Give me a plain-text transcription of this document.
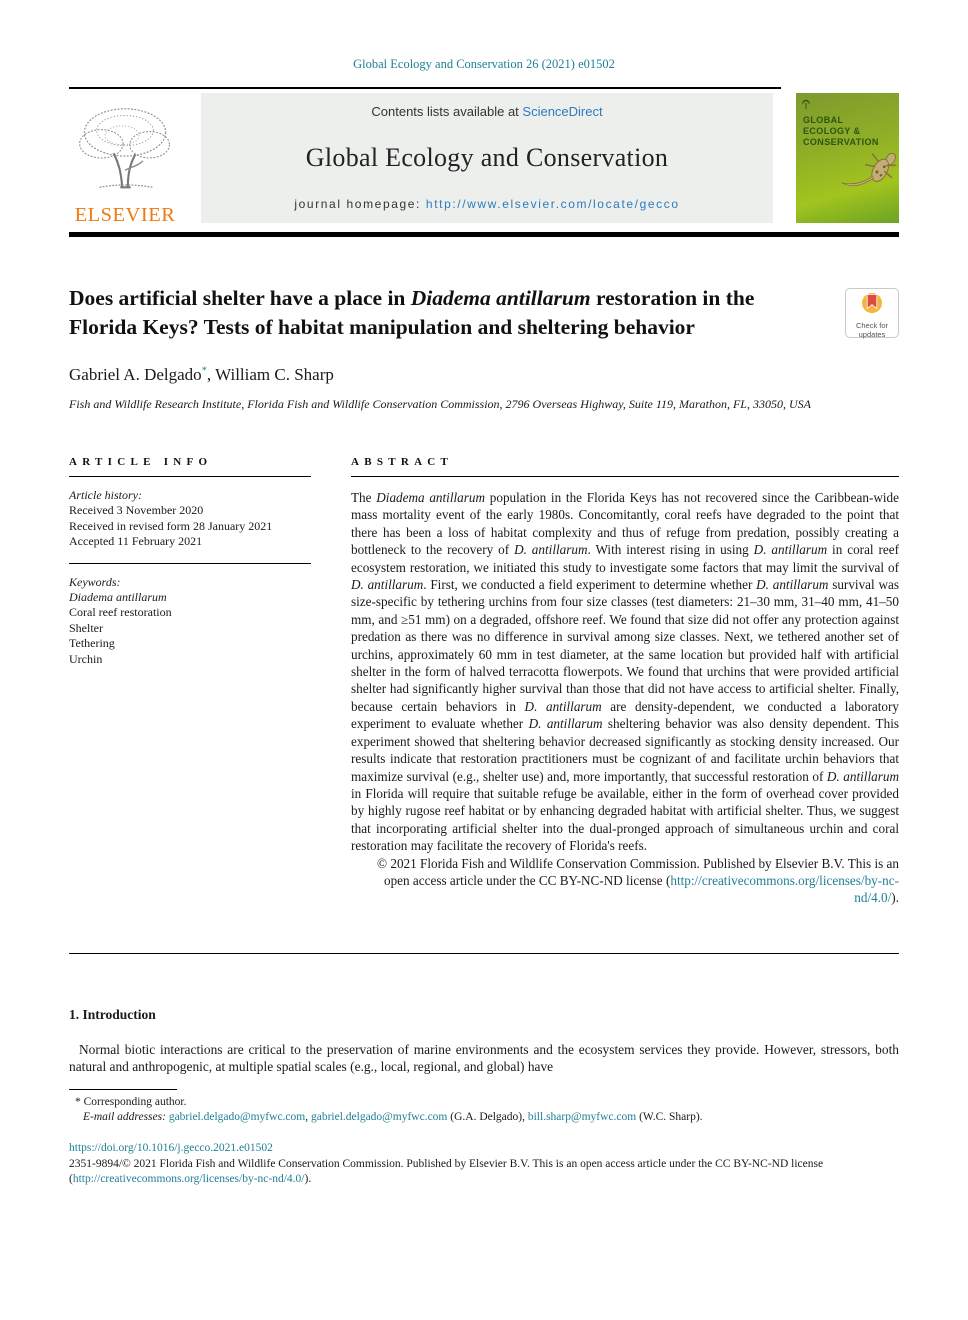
Global Ecology and Conservation 26 (2021) e01502
ELSEVIER
Contents lists available at ScienceDirect
Global Ecology and Conservation
journal homepage: http://www.elsevier.com/locate/gecco
GLOBAL
ECOLOGY &
CONSERVATION
Does artificial shelter have a place in Diadema antillarum restoration in the Florida Keys? Tests of habitat manipulation and sheltering behavior	Check for updates
Gabriel A. Delgado*, William C. Sharp
Fish and Wildlife Research Institute, Florida Fish and Wildlife Conservation Commission, 2796 Overseas Highway, Suite 119, Marathon, FL, 33050, USA
ARTICLE INFO
Article history:
Received 3 November 2020
Received in revised form 28 January 2021
Accepted 11 February 2021
Keywords:
Diadema antillarum
Coral reef restoration
Shelter
Tethering
Urchin
ABSTRACT

The Diadema antillarum population in the Florida Keys has not recovered since the Caribbean-wide mass mortality event of the early 1980s. Concomitantly, coral reefs have degraded to the point that there has been a loss of habitat complexity and thus of refuge from predation, possibly creating a bottleneck to the recovery of D. antillarum. With interest rising in using D. antillarum in coral reef ecosystem restoration, we initiated this study to investigate some factors that may limit the survival of D. antillarum. First, we conducted a field experiment to determine whether D. antillarum survival was size-specific by tethering urchins from four size classes (test diameters: 21–30 mm, 31–40 mm, 41–50 mm, and ≥51 mm) on a degraded, offshore reef. We found that size did not offer any protection against predation as there was no difference in survival among size classes. Next, we tethered another set of urchins, approximately 60 mm in test diameter, at the same location but provided half with artificial shelter in the form of halved terracotta flowerpots. We found that urchins that were provided artificial shelter had significantly higher survival than those that did not have access to artificial shelter. Finally, because certain behaviors in D. antillarum are density-dependent, we conducted a laboratory experiment to evaluate whether D. antillarum sheltering behavior was also density dependent. This experiment showed that sheltering behavior decreased significantly as stocking density increased. Our results indicate that restoration practitioners must be cognizant of and facilitate urchin behaviors that maximize survival (e.g., shelter use) and, more importantly, that successful restoration of D. antillarum in Florida will require that suitable refuge be available, either in the form of overhead cover provided by highly rugose reef habitat or by enhancing degraded habitat with artificial shelter. Thus, we suggest that incorporating artificial shelter into the dual-pronged approach of simultaneous urchin and coral restoration may facilitate the recovery of Florida's reefs.

© 2021 Florida Fish and Wildlife Conservation Commission. Published by Elsevier B.V. This is an open access article under the CC BY-NC-ND license (http://creativecommons.org/licenses/by-nc-nd/4.0/).

1. Introduction

Normal biotic interactions are critical to the preservation of marine environments and the ecosystem services they provide. However, stressors, both natural and anthropogenic, at multiple spatial scales (e.g., local, regional, and global) have

* Corresponding author.
E-mail addresses: gabriel.delgado@myfwc.com, gabriel.delgado@myfwc.com (G.A. Delgado), bill.sharp@myfwc.com (W.C. Sharp).
https://doi.org/10.1016/j.gecco.2021.e01502
2351-9894/© 2021 Florida Fish and Wildlife Conservation Commission. Published by Elsevier B.V. This is an open access article under the CC BY-NC-ND license (http://creativecommons.org/licenses/by-nc-nd/4.0/).
